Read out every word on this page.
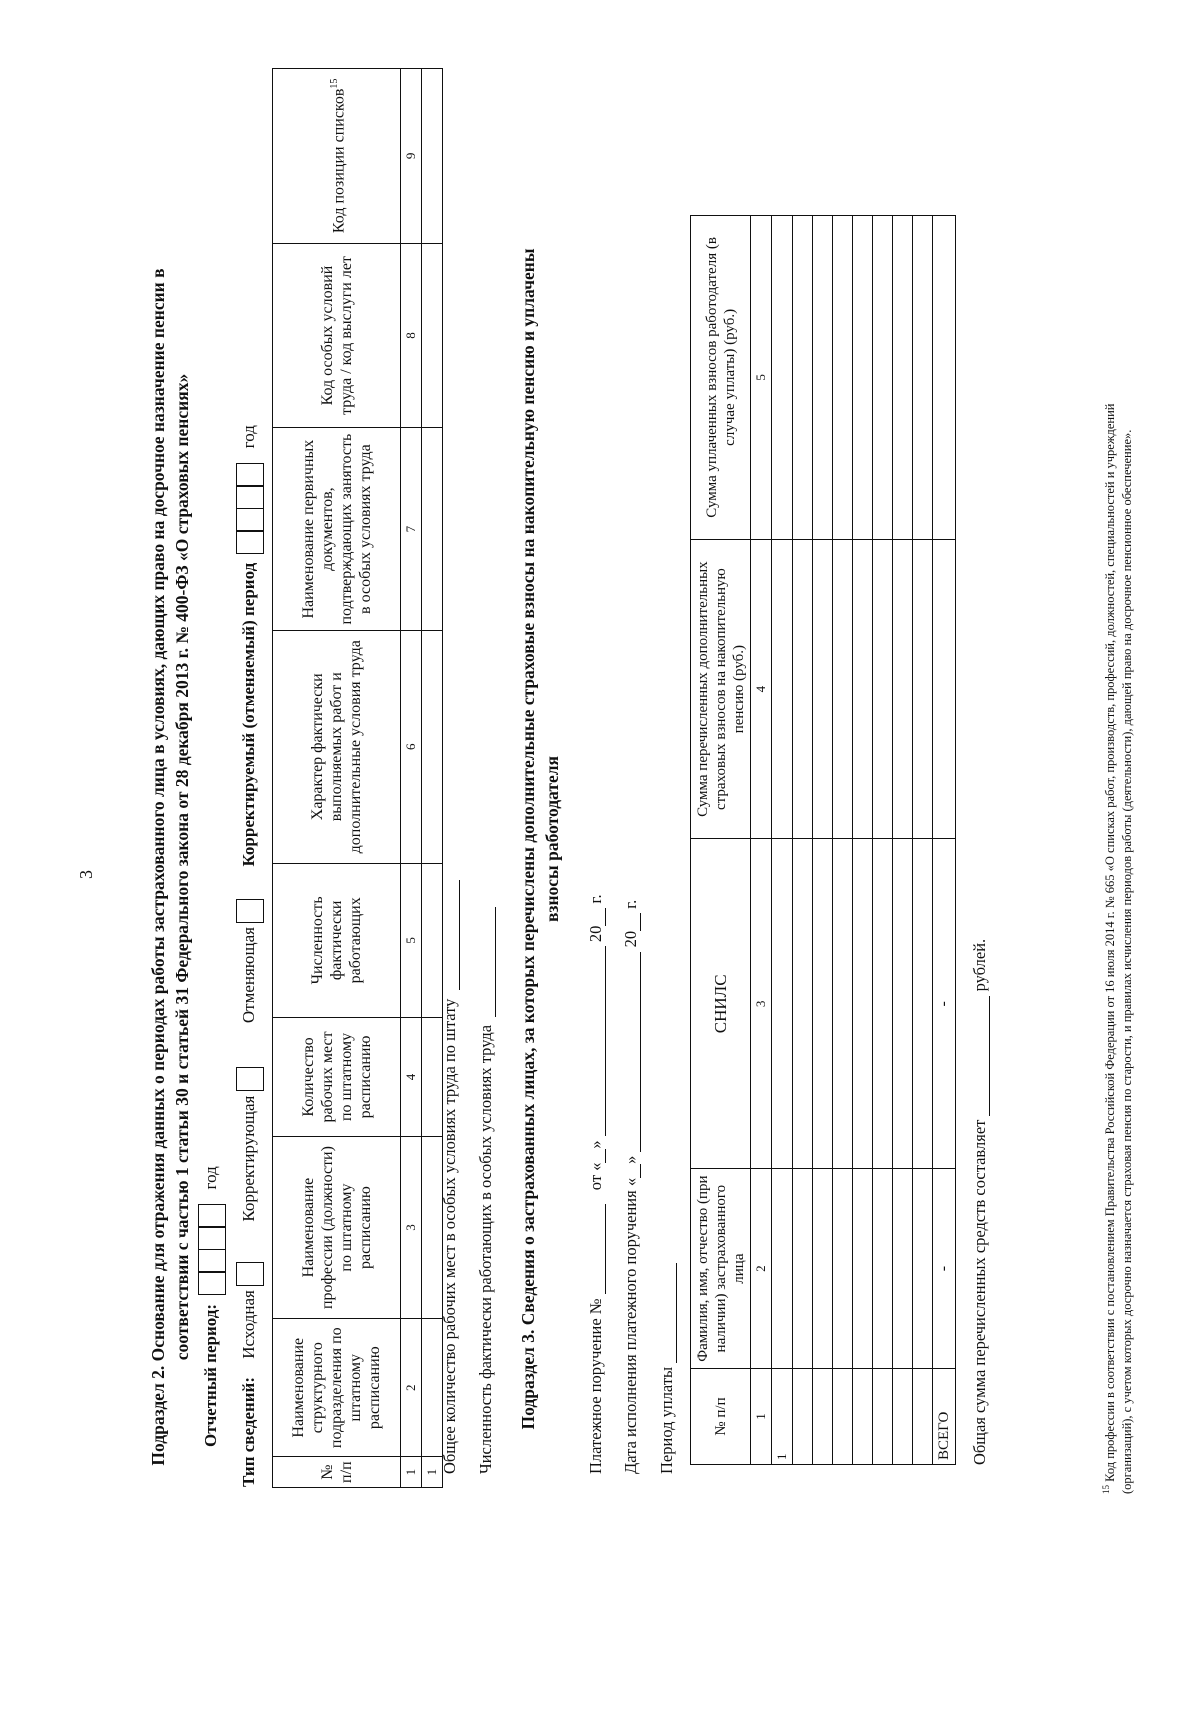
3	Подраздел 2. Основание для отражения данных о периодах работы застрахованного лица в условиях, дающих право на досрочное назначение пенсии в соответствии с частью 1 статьи 30 и статьей 31 Федерального закона от 28 декабря 2013 г. № 400-ФЗ «О страховых пенсиях»
Отчетный период:
год
Тип сведений: Исходная  Корректирующая  Отменяющая  Корректируемый (отменяемый) период
год
№ п/п	Наименование структурного подразделения по штатному расписанию	Наименование профессии (должности) по штатному расписанию	Количество рабочих мест по штатному расписанию	Численность фактически работающих	Характер фактически выполняемых работ и дополнительные условия труда	Наименование первичных документов, подтверждающих занятость в особых условиях труда	Код особых условий труда / код выслуги лет	Код позиции списков$^{15}$
1	2	3	4	5	6	7	8	9
1								Общее количество рабочих мест в особых условиях труда по штату Численность фактически работающих в особых условиях труда Подраздел 3. Сведения о застрахованных лицах, за которых перечислены дополнительные страховые взносы на накопительную пенсию и уплачены взносы работодателя
Платежное поручение №  от «»  20 г.
Дата исполнения платежного поручения «»  20 г.
Период уплаты № п/п	Фамилия, имя, отчество (при наличии) застрахованного лица	СНИЛС	Сумма перечисленных дополнительных страховых взносов на накопительную пенсию (руб.)	Сумма уплаченных взносов работодателя (в случае уплаты) (руб.)
1	2	3	4	5
1				

ВСЕГО	-	-		
Общая сумма перечисленных средств составляет  рублей.
$^{15}$ Код профессии в соответствии с постановлением Правительства Российской Федерации от 16 июля 2014 г. № 665 «О списках работ, производств, профессий, должностей, специальностей и учреждений (организаций), с учетом которых досрочно назначается страховая пенсия по старости, и правилах исчисления периодов работы (деятельности), дающей право на досрочное пенсионное обеспечение».
